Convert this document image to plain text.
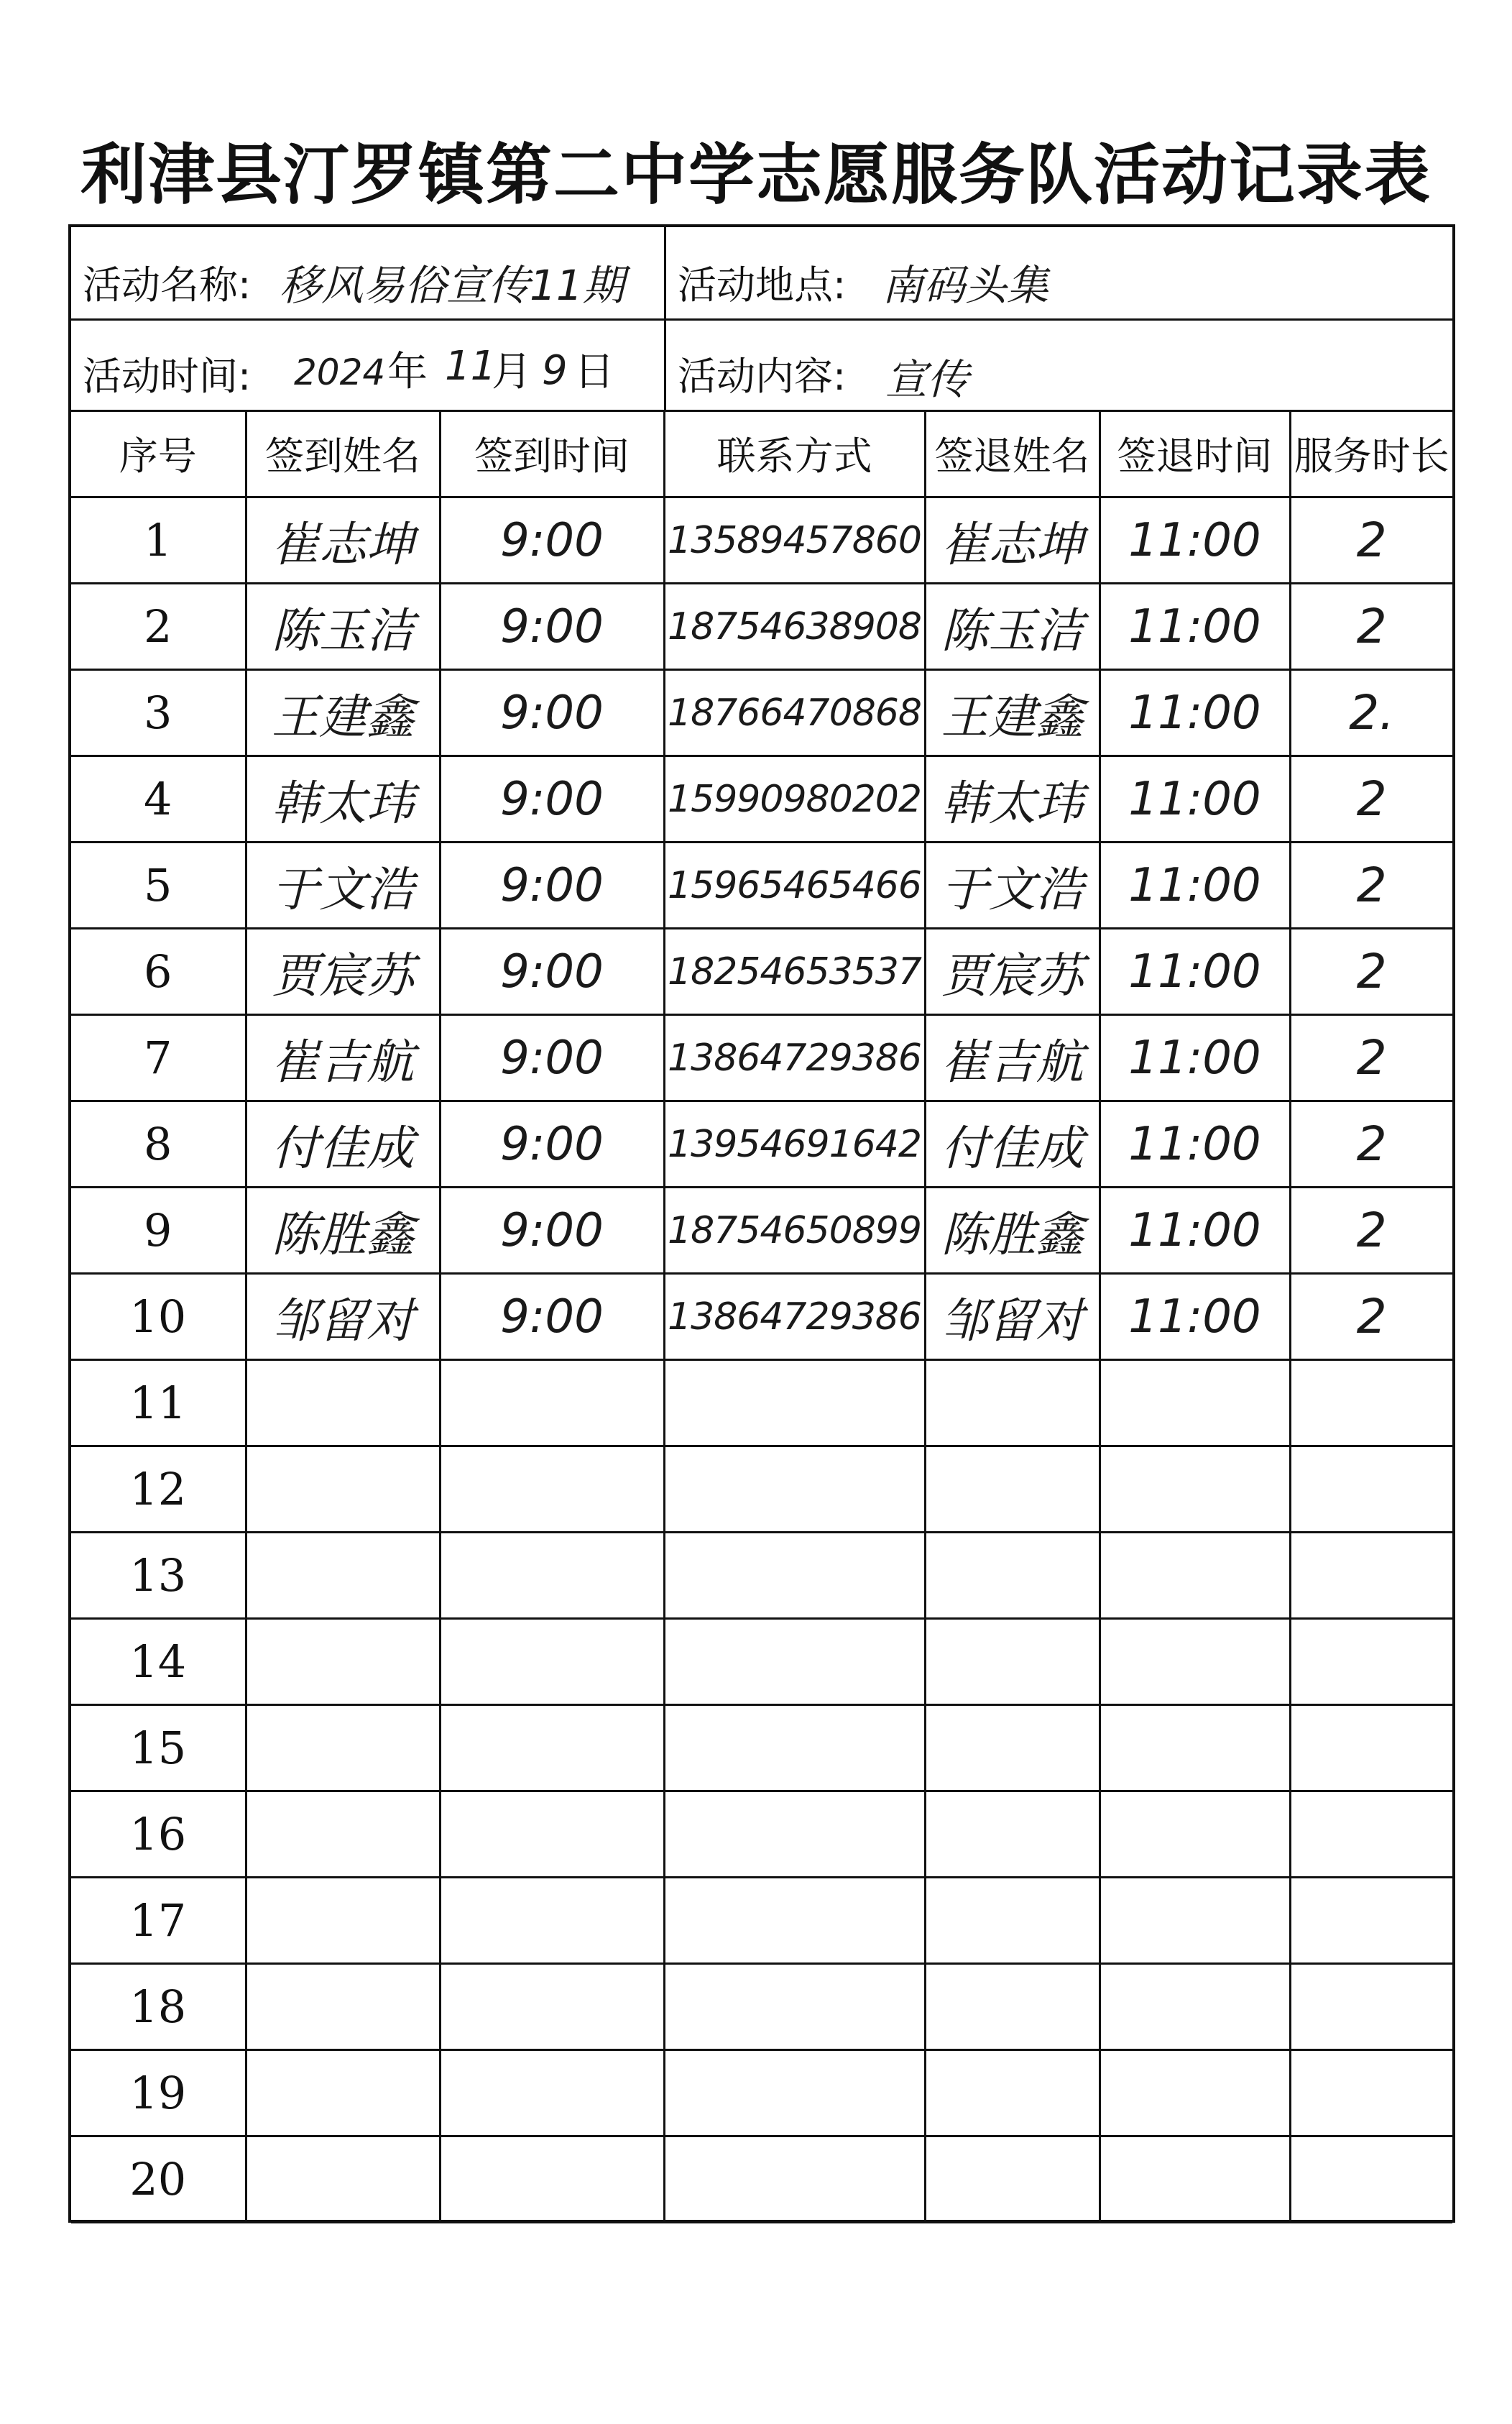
利津县汀罗镇第二中学志愿服务队活动记录表
活动名称: 移风易俗宣传11期 活动地点: 南码头集
活动时间: 2024 年 11
月 9 日 活动内容: 宣传
序号	签到姓名	签到时间	联系方式	签退姓名	签退时间	服务时长
1	崔志坤	9:00	13589457860	崔志坤	11:00	2
2	陈玉洁	9:00	18754638908	陈玉洁	11:00	2
3	王建鑫	9:00	18766470868	王建鑫	11:00	2.
4	韩太玮	9:00	15990980202	韩太玮	11:00	2
5	于文浩	9:00	15965465466	于文浩	11:00	2
6	贾宸苏	9:00	18254653537	贾宸苏	11:00	2
7	崔吉航	9:00	13864729386	崔吉航	11:00	2
8	付佳成	9:00	13954691642	付佳成	11:00	2
9	陈胜鑫	9:00	18754650899	陈胜鑫	11:00	2
10	邹留对	9:00	13864729386	邹留对	11:00	2
11						
12						
13						
14						
15						
16						
17						
18						
19						
20						
